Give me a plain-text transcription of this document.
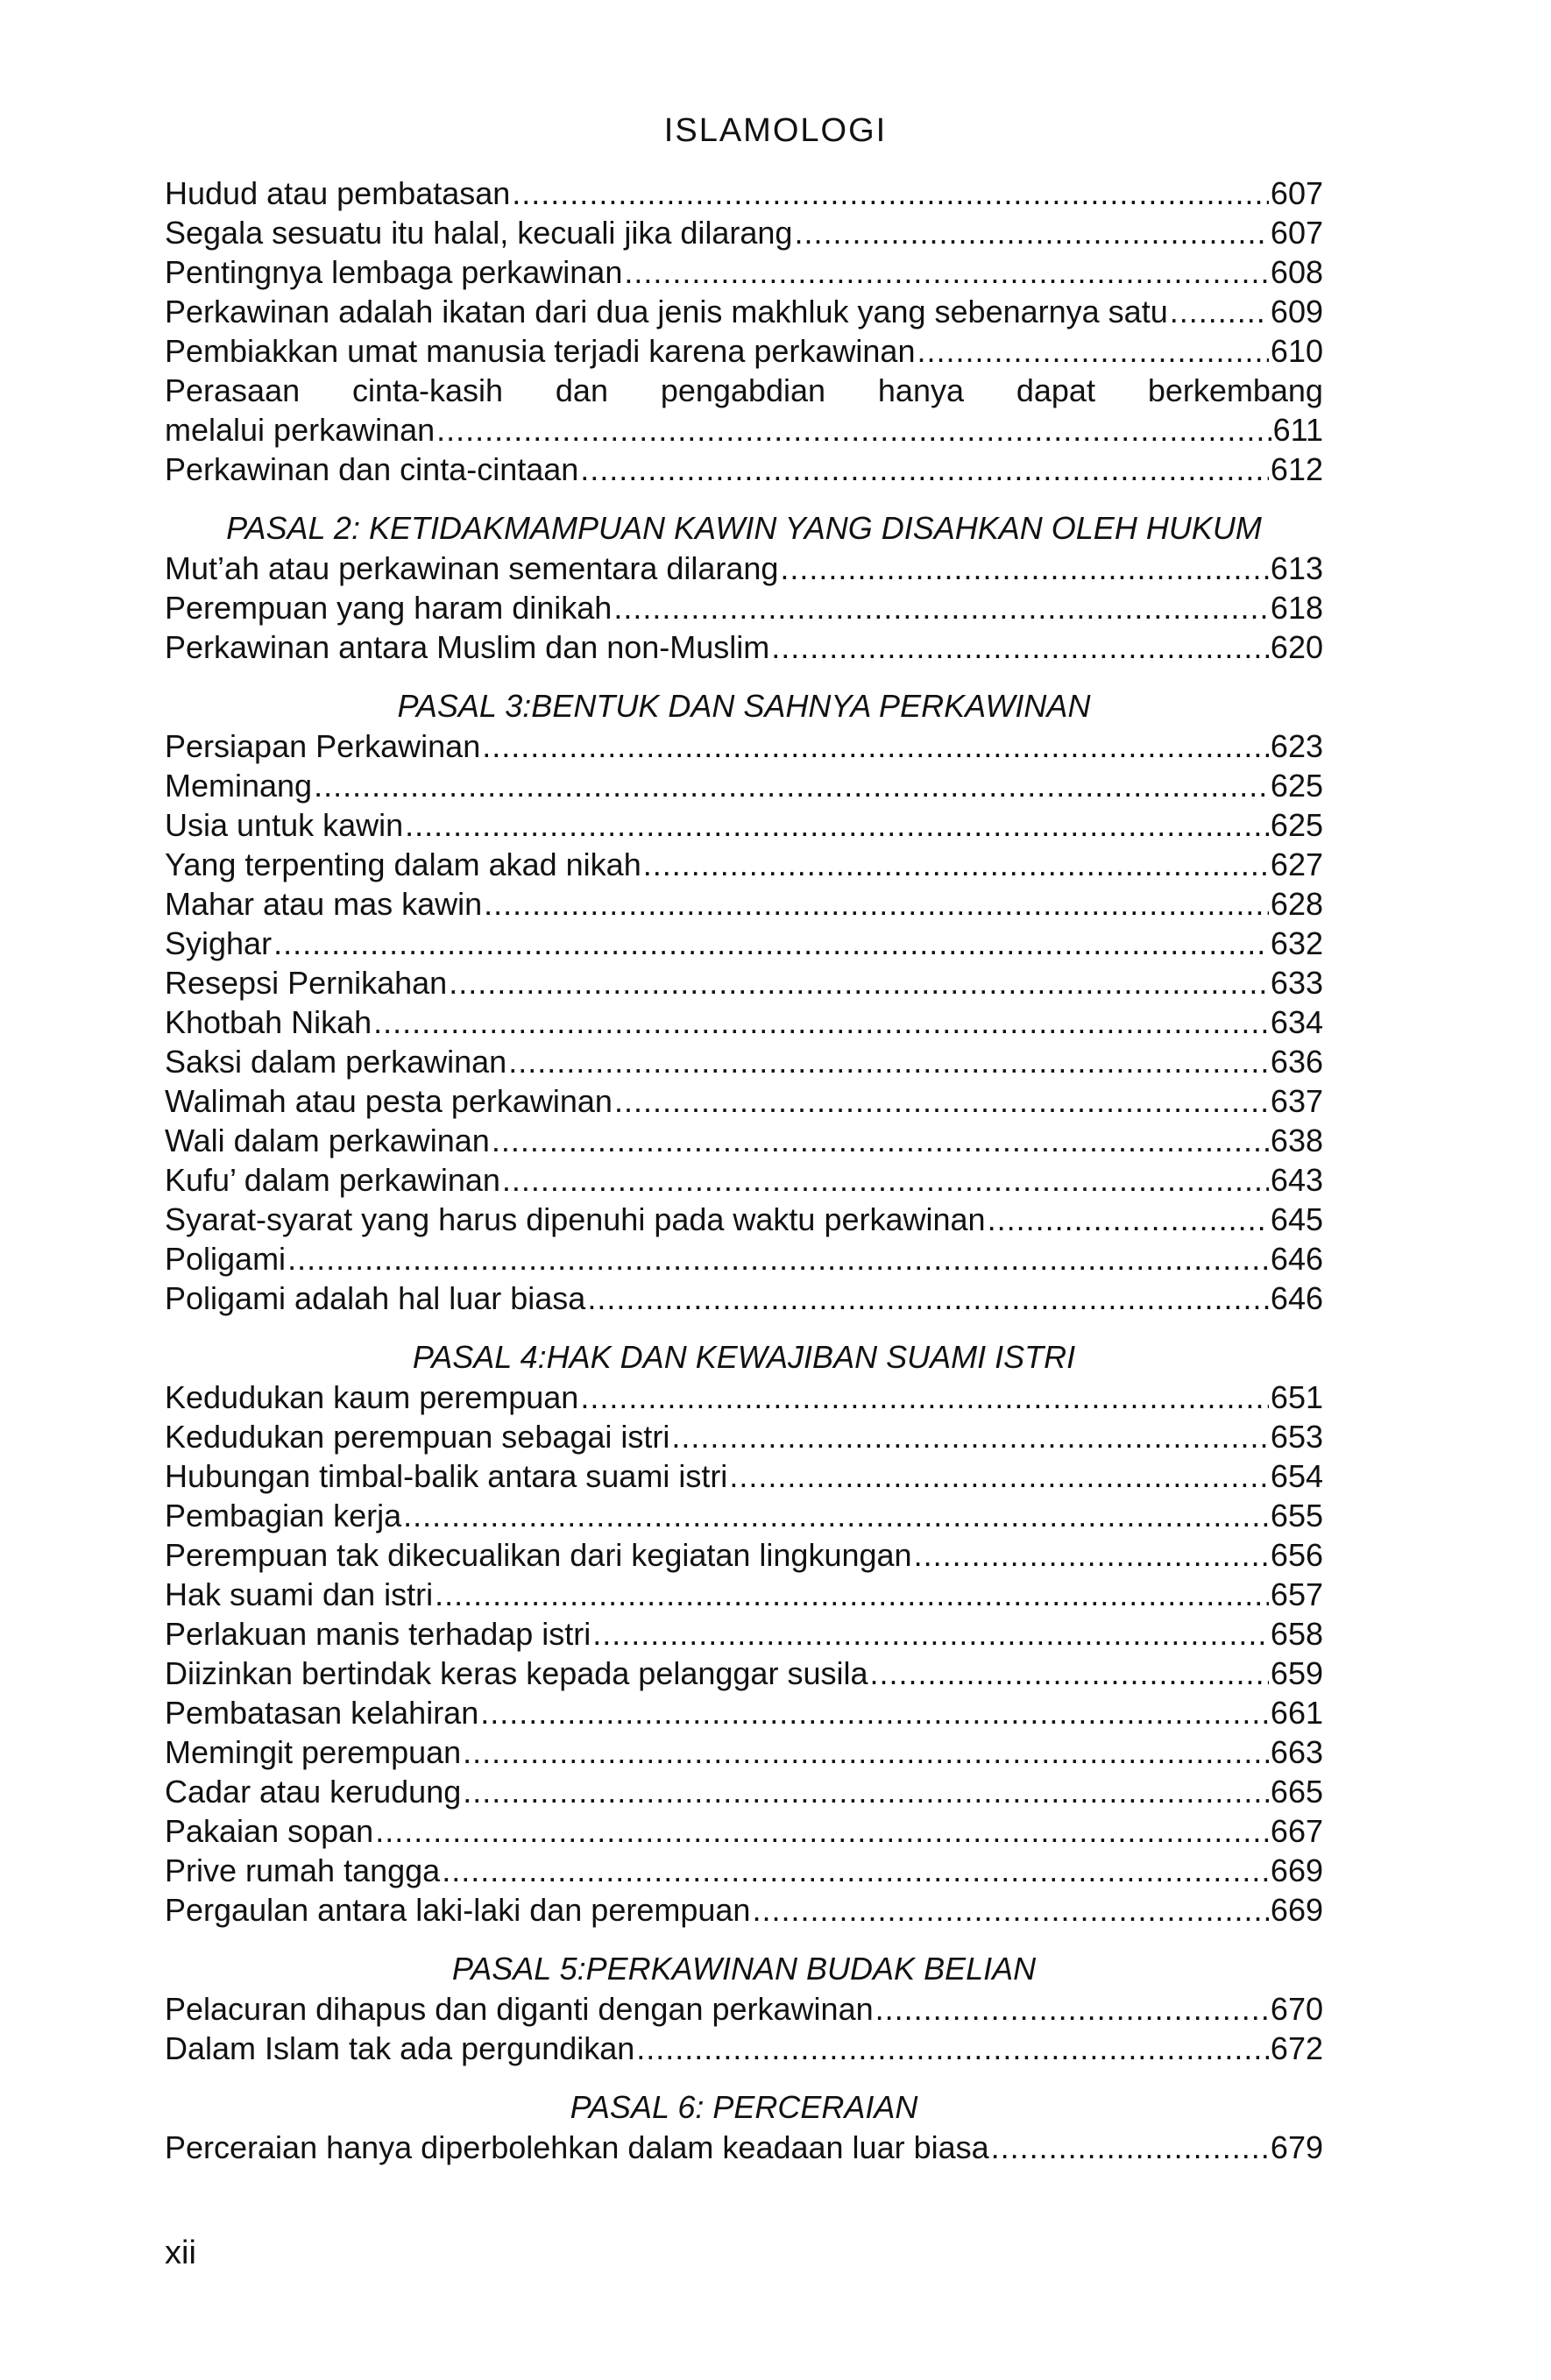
ISLAMOLOGI
Hudud atau pembatasan .....	607
Segala sesuatu itu halal, kecuali jika dilarang .....	607
Pentingnya lembaga perkawinan .....	608
Perkawinan adalah ikatan dari dua jenis makhluk yang sebenarnya satu .....	609
Pembiakkan umat manusia terjadi karena perkawinan .....	610
Perasaan cinta-kasih dan pengabdian hanya dapat berkembang
melalui perkawinan .....	611
Perkawinan dan cinta-cintaan .....	612
PASAL 2: KETIDAKMAMPUAN KAWIN YANG DISAHKAN OLEH HUKUM
Mut’ah atau perkawinan sementara dilarang .....	613
Perempuan yang haram dinikah .....	618
Perkawinan antara Muslim dan non-Muslim .....	620
PASAL 3:BENTUK DAN SAHNYA PERKAWINAN
Persiapan Perkawinan .....	623
Meminang .....	625
Usia untuk kawin .....	625
Yang terpenting dalam akad nikah .....	627
Mahar atau mas kawin .....	628
Syighar .....	632
Resepsi Pernikahan .....	633
Khotbah Nikah .....	634
Saksi dalam perkawinan .....	636
Walimah atau pesta perkawinan .....	637
Wali dalam perkawinan .....	638
Kufu’ dalam perkawinan .....	643
Syarat-syarat yang harus dipenuhi pada waktu perkawinan .....	645
Poligami .....	646
Poligami adalah hal luar biasa .....	646
PASAL 4:HAK DAN KEWAJIBAN SUAMI ISTRI
Kedudukan kaum perempuan .....	651
Kedudukan perempuan sebagai istri .....	653
Hubungan timbal-balik antara suami istri .....	654
Pembagian kerja .....	655
Perempuan tak dikecualikan dari kegiatan lingkungan .....	656
Hak suami dan istri .....	657
Perlakuan manis terhadap istri .....	658
Diizinkan bertindak keras kepada pelanggar susila .....	659
Pembatasan kelahiran .....	661
Memingit perempuan .....	663
Cadar atau kerudung .....	665
Pakaian sopan .....	667
Prive rumah tangga .....	669
Pergaulan antara laki-laki dan perempuan .....	669
PASAL 5:PERKAWINAN BUDAK BELIAN
Pelacuran dihapus dan diganti dengan perkawinan .....	670
Dalam Islam tak ada pergundikan .....	672
PASAL 6: PERCERAIAN
Perceraian hanya diperbolehkan dalam keadaan luar biasa .....	679
xii
